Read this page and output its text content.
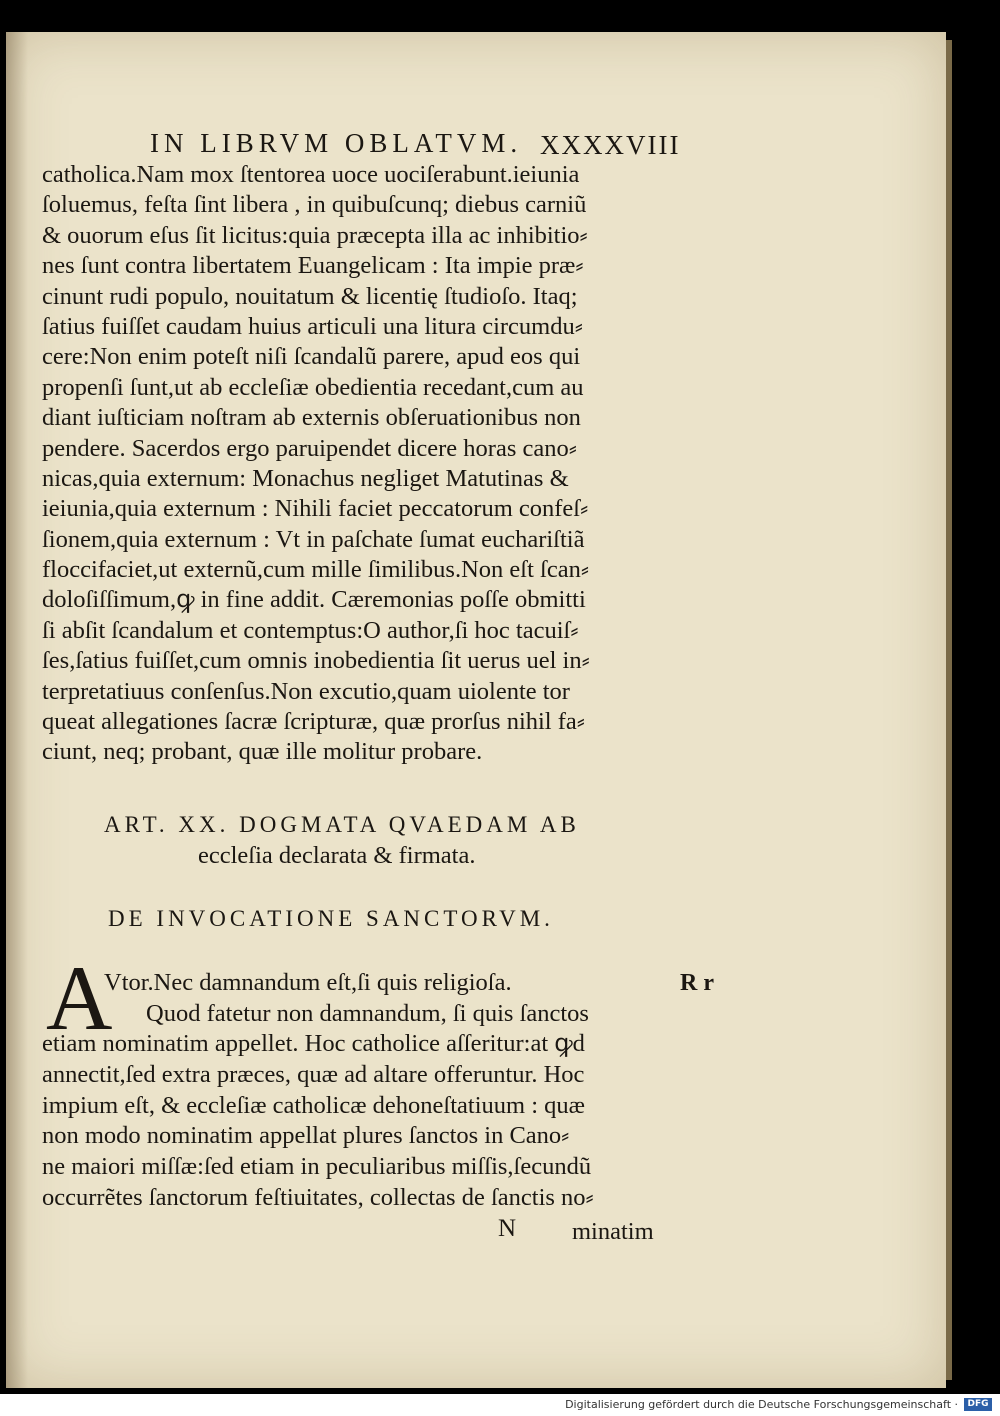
IN LIBRVM OBLATVM. XXXXVIII
catholica.Nam mox ſtentorea uoce uociſerabunt.ieiunia
ſoluemus, feſta ſint libera , in quibuſcunq; diebus carniũ
& ouorum eſus ſit licitus:quia præcepta illa ac inhibitio⸗
nes ſunt contra libertatem Euangelicam : Ita impie præ⸗
cinunt rudi populo, nouitatum & licentię ſtudioſo. Itaq;
ſatius fuiſſet caudam huius articuli una litura circumdu⸗
cere:Non enim poteſt niſi ſcandalũ parere, apud eos qui
propenſi ſunt,ut ab eccleſiæ obedientia recedant,cum au
diant iuſticiam noſtram ab externis obſeruationibus non
pendere. Sacerdos ergo paruipendet dicere horas cano⸗
nicas,quia externum: Monachus negliget Matutinas &
ieiunia,quia externum : Nihili faciet peccatorum confeſ⸗
ſionem,quia externum : Vt in paſchate ſumat euchariſtiã
floccifaciet,ut externũ,cum mille ſimilibus.Non eſt ſcan⸗
doloſiſſimum,ꝙ in fine addit. Cæremonias poſſe obmitti
ſi abſit ſcandalum et contemptus:O author,ſi hoc tacuiſ⸗
ſes,ſatius fuiſſet,cum omnis inobedientia ſit uerus uel in⸗
terpretatiuus conſenſus.Non excutio,quam uiolente tor
queat allegationes ſacræ ſcripturæ, quæ prorſus nihil fa⸗
ciunt, neq; probant, quæ ille molitur probare.
ART. XX. DOGMATA QVAEDAM AB
eccleſia declarata & firmata.
DE INVOCATIONE SANCTORVM.
A	R r
Vtor.Nec damnandum eſt,ſi quis religioſa.
Quod fatetur non damnandum, ſi quis ſanctos
etiam nominatim appellet. Hoc catholice aſſeritur:at ꝙd
annectit,ſed extra præces, quæ ad altare offeruntur. Hoc
impium eſt, & eccleſiæ catholicæ dehoneſtatiuum : quæ
non modo nominatim appellat plures ſanctos in Cano⸗
ne maiori miſſæ:ſed etiam in peculiaribus miſſis,ſecundũ
occurrẽtes ſanctorum feſtiuitates, collectas de ſanctis no⸗
N minatim
Digitalisierung gefördert durch die Deutsche Forschungsgemeinschaft ·	DFG
